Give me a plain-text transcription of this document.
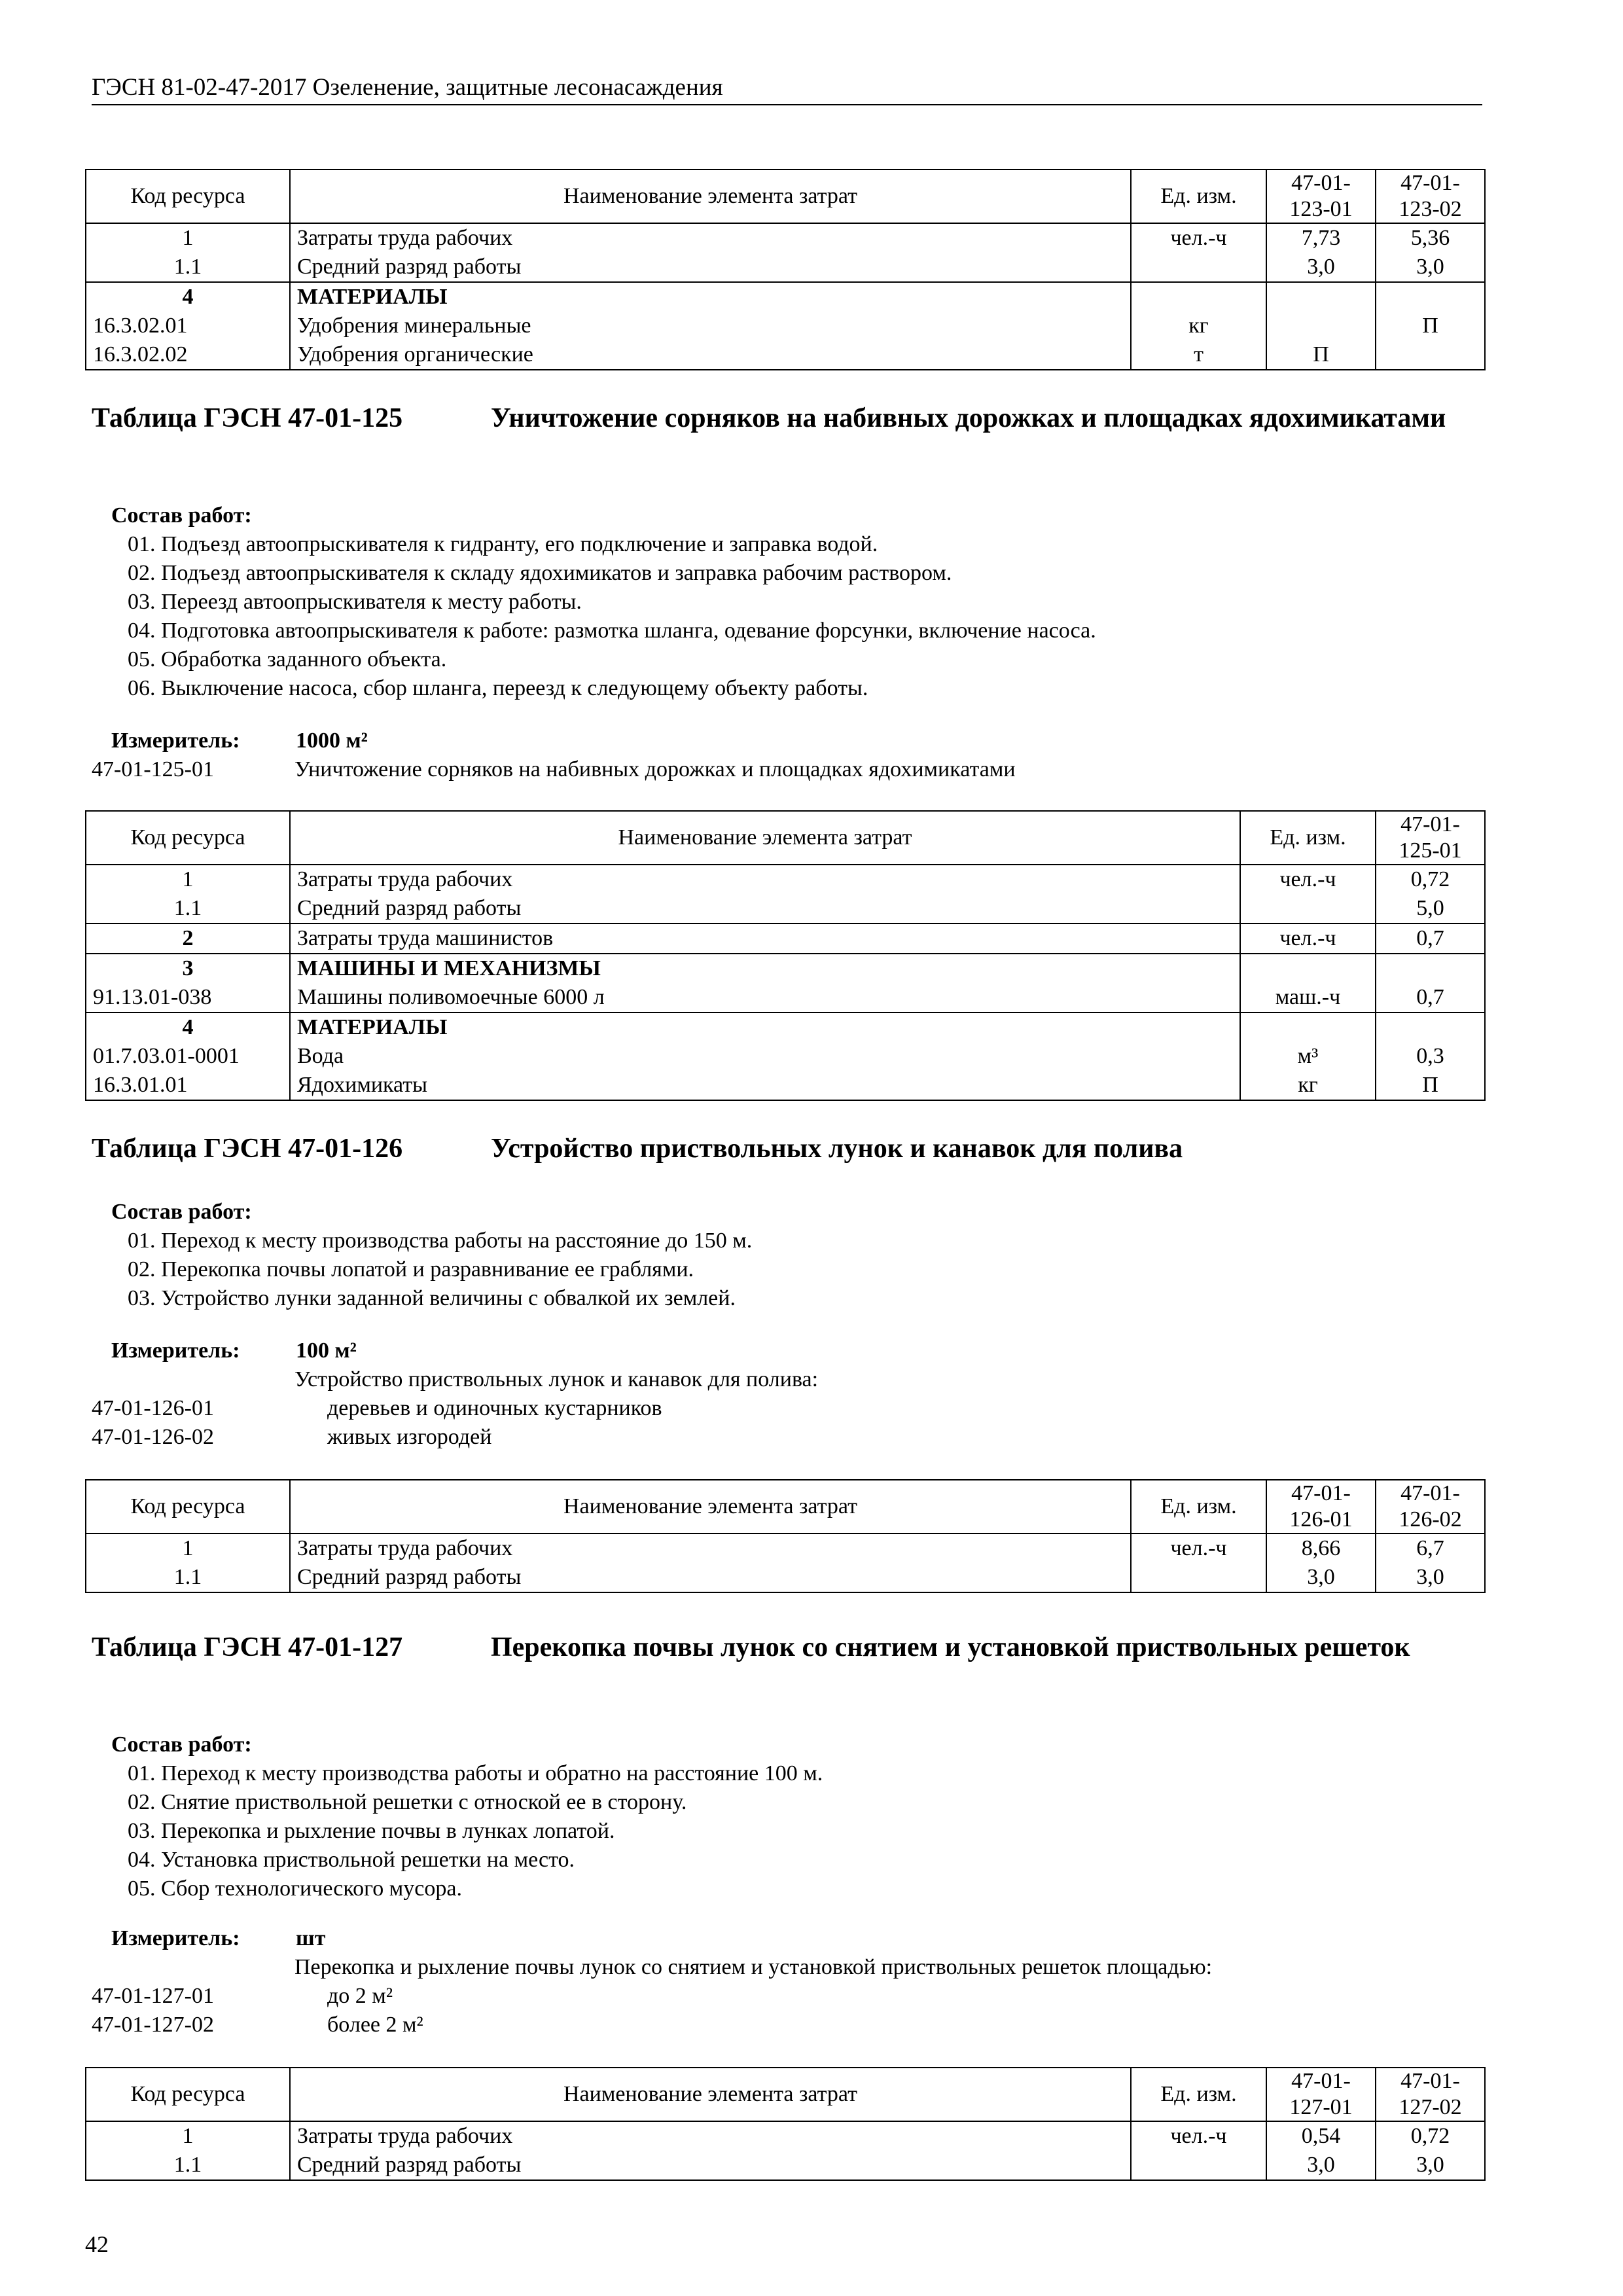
ГЭСН 81-02-47-2017 Озеленение, защитные лесонасаждения
Код ресурса	Наименование элемента затрат	Ед. изм.	47-01-123-01	47-01-123-02
1	Затраты труда рабочих	чел.-ч	7,73	5,36
1.1	Средний разряд работы		3,0	3,0
4	МАТЕРИАЛЫ			
16.3.02.01	Удобрения минеральные	кг		П
16.3.02.02	Удобрения органические	т	П	
Таблица ГЭСН 47-01-125	Уничтожение сорняков на набивных дорожках и площадках ядохимикатами
Состав работ:
01. Подъезд автоопрыскивателя к гидранту, его подключение и заправка водой.
02. Подъезд автоопрыскивателя к складу ядохимикатов и заправка рабочим раствором.
03. Переезд автоопрыскивателя к месту работы.
04. Подготовка автоопрыскивателя к работе: размотка шланга, одевание форсунки, включение насоса.
05. Обработка заданного объекта.
06. Выключение насоса, сбор шланга, переезд к следующему объекту работы.
Измеритель:	1000 м²
47-01-125-01	Уничтожение сорняков на набивных дорожках и площадках ядохимикатами
Код ресурса	Наименование элемента затрат	Ед. изм.	47-01-125-01
1	Затраты труда рабочих	чел.-ч	0,72
1.1	Средний разряд работы		5,0
2	Затраты труда машинистов	чел.-ч	0,7
3	МАШИНЫ И МЕХАНИЗМЫ		
91.13.01-038	Машины поливомоечные 6000 л	маш.-ч	0,7
4	МАТЕРИАЛЫ		
01.7.03.01-0001	Вода	м³	0,3
16.3.01.01	Ядохимикаты	кг	П
Таблица ГЭСН 47-01-126	Устройство приствольных лунок и канавок для полива
Состав работ:
01. Переход к месту производства работы на расстояние до 150 м.
02. Перекопка почвы лопатой и разравнивание ее граблями.
03. Устройство лунки заданной величины с обвалкой их землей.
Измеритель:	100 м²
Устройство приствольных лунок и канавок для полива:
47-01-126-01	деревьев и одиночных кустарников
47-01-126-02	живых изгородей
Код ресурса	Наименование элемента затрат	Ед. изм.	47-01-126-01	47-01-126-02
1	Затраты труда рабочих	чел.-ч	8,66	6,7
1.1	Средний разряд работы		3,0	3,0
Таблица ГЭСН 47-01-127	Перекопка почвы лунок со снятием и установкой приствольных решеток
Состав работ:
01. Переход к месту производства работы и обратно на расстояние 100 м.
02. Снятие приствольной решетки с отноской ее в сторону.
03. Перекопка и рыхление почвы в лунках лопатой.
04. Установка приствольной решетки на место.
05. Сбор технологического мусора.
Измеритель:	шт
Перекопка и рыхление почвы лунок со снятием и установкой приствольных решеток площадью:
47-01-127-01	до 2 м²
47-01-127-02	более 2 м²
Код ресурса	Наименование элемента затрат	Ед. изм.	47-01-127-01	47-01-127-02
1	Затраты труда рабочих	чел.-ч	0,54	0,72
1.1	Средний разряд работы		3,0	3,0
42
